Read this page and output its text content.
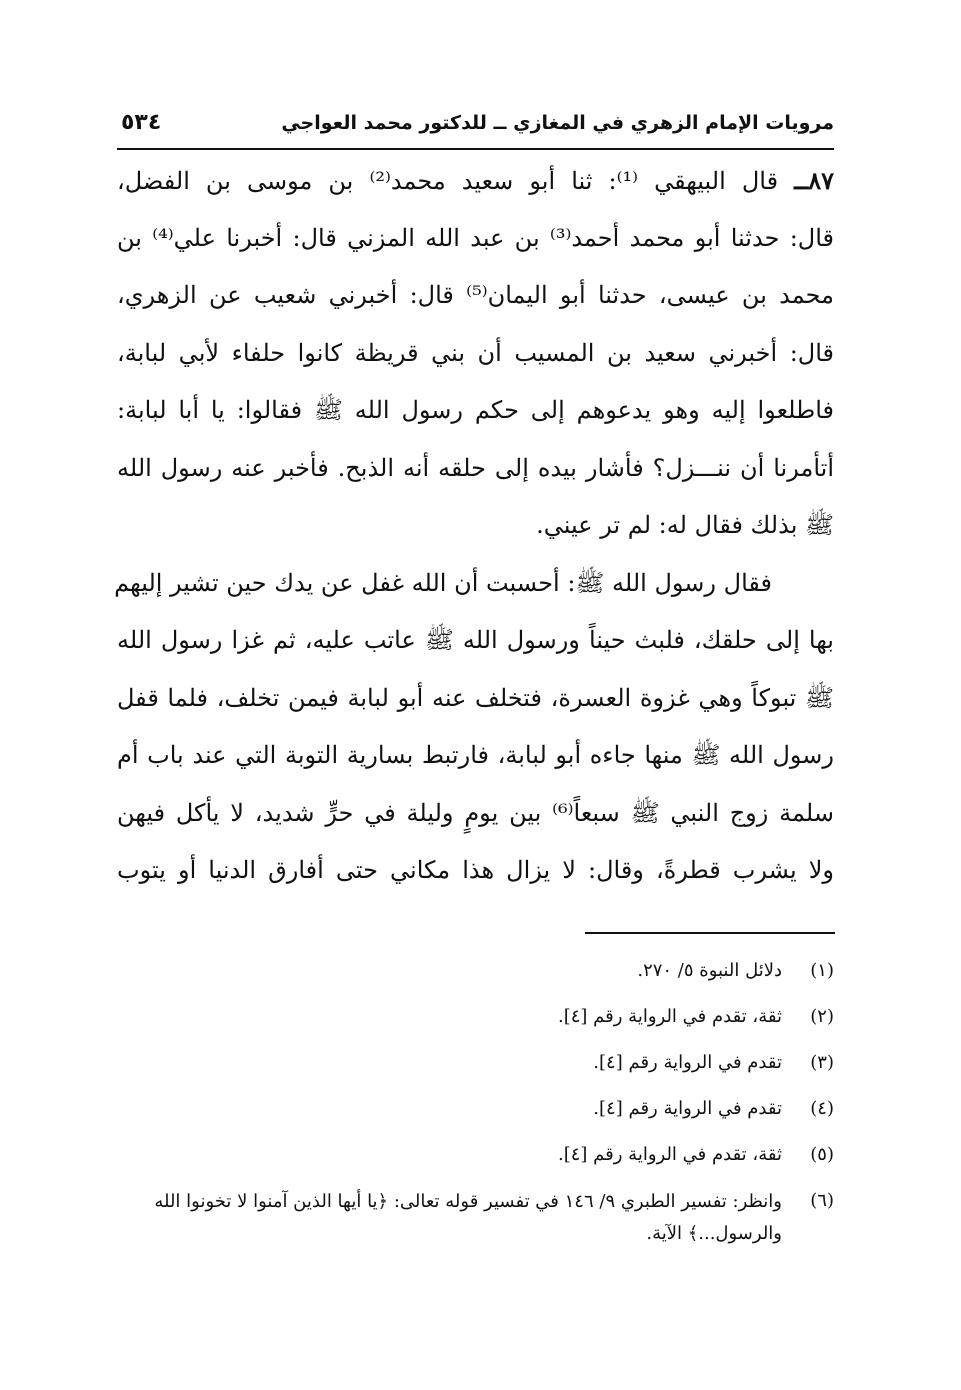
مرويات الإمام الزهري في المغازي ــ للدكتور محمد العواجي
٥٣٤
٨٧ــ قال البيهقي ⁽¹⁾: ثنا أبو سعيد محمد⁽²⁾ بن موسى بن الفضل،
قال: حدثنا أبو محمد أحمد⁽³⁾ بن عبد الله المزني قال: أخبرنا علي⁽⁴⁾ بن
محمد بن عيسى، حدثنا أبو اليمان⁽⁵⁾ قال: أخبرني شعيب عن الزهري،
قال: أخبرني سعيد بن المسيب أن بني قريظة كانوا حلفاء لأبي لبابة،
فاطلعوا إليه وهو يدعوهم إلى حكم رسول الله ﷺ فقالوا: يا أبا لبابة:
أتأمرنا أن ننـــزل؟ فأشار بيده إلى حلقه أنه الذبح. فأخبر عنه رسول الله
ﷺ بذلك فقال له: لم تر عيني.
فقال رسول الله ﷺ: أحسبت أن الله غفل عن يدك حين تشير إليهم
بها إلى حلقك، فلبث حيناً ورسول الله ﷺ عاتب عليه، ثم غزا رسول الله
ﷺ تبوكاً وهي غزوة العسرة، فتخلف عنه أبو لبابة فيمن تخلف، فلما قفل
رسول الله ﷺ منها جاءه أبو لبابة، فارتبط بسارية التوبة التي عند باب أم
سلمة زوج النبي ﷺ سبعاً⁽⁶⁾ بين يومٍ وليلة في حرٍّ شديد، لا يأكل فيهن
ولا يشرب قطرةً، وقال: لا يزال هذا مكاني حتى أفارق الدنيا أو يتوب
(١)
دلائل النبوة ٥/ ٢٧٠.
(٢)
ثقة، تقدم في الرواية رقم [٤].
(٣)
تقدم في الرواية رقم [٤].
(٤)
تقدم في الرواية رقم [٤].
(٥)
ثقة، تقدم في الرواية رقم [٤].
(٦)
وانظر: تفسير الطبري ٩/ ١٤٦ في تفسير قوله تعالى: ﴿يا أيها الذين آمنوا لا تخونوا الله والرسول...﴾ الآية.
